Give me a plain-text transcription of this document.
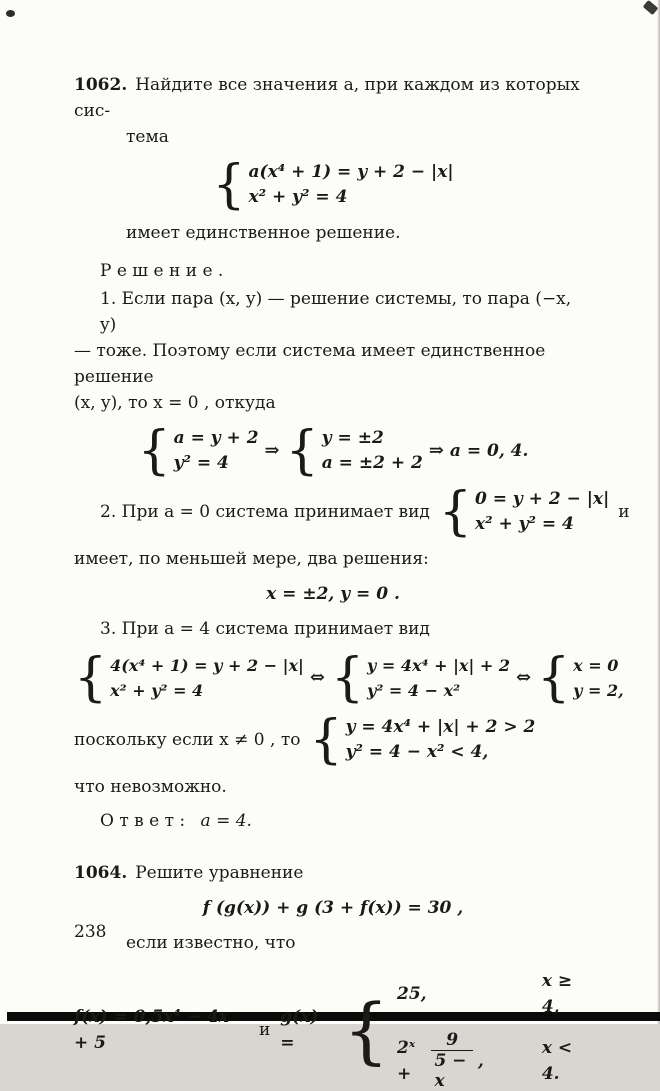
1062. Найдите все значения a, при каждом из которых сис-
тема
{ a(x⁴ + 1) = y + 2 − |x|
x² + y² = 4
имеет единственное решение.
Р е ш е н и е .
1. Если пара (x, y) — решение системы, то пара (−x, y)
— тоже. Поэтому если система имеет единственное решение
(x, y), то x = 0 , откуда
{ a = y + 2
y² = 4
⇒ { y = ±2
a = ±2 + 2
⇒ a = 0, 4.
2. При a = 0 система принимает вид { 0 = y + 2 − |x|
x² + y² = 4
и
имеет, по меньшей мере, два решения:
x = ±2, y = 0 .
3. При a = 4 система принимает вид
{ 4(x⁴ + 1) = y + 2 − |x|
x² + y² = 4
⇔ { y = 4x⁴ + |x| + 2
y² = 4 − x²
⇔ { x = 0
y = 2,
поскольку если x ≠ 0 , то { y = 4x⁴ + |x| + 2 > 2
y² = 4 − x² < 4,
что невозможно.
О т в е т : a = 4.
1064. Решите уравнение
f (g(x)) + g (3 + f(x)) = 30 ,
если известно, что
f(x) = 0,5x⁴ − 4x + 5
и
g(x) = { 25,
x ≥ 4,
2ˣ +	$\frac{9}{5 - x}$ ,
x < 4.
238
